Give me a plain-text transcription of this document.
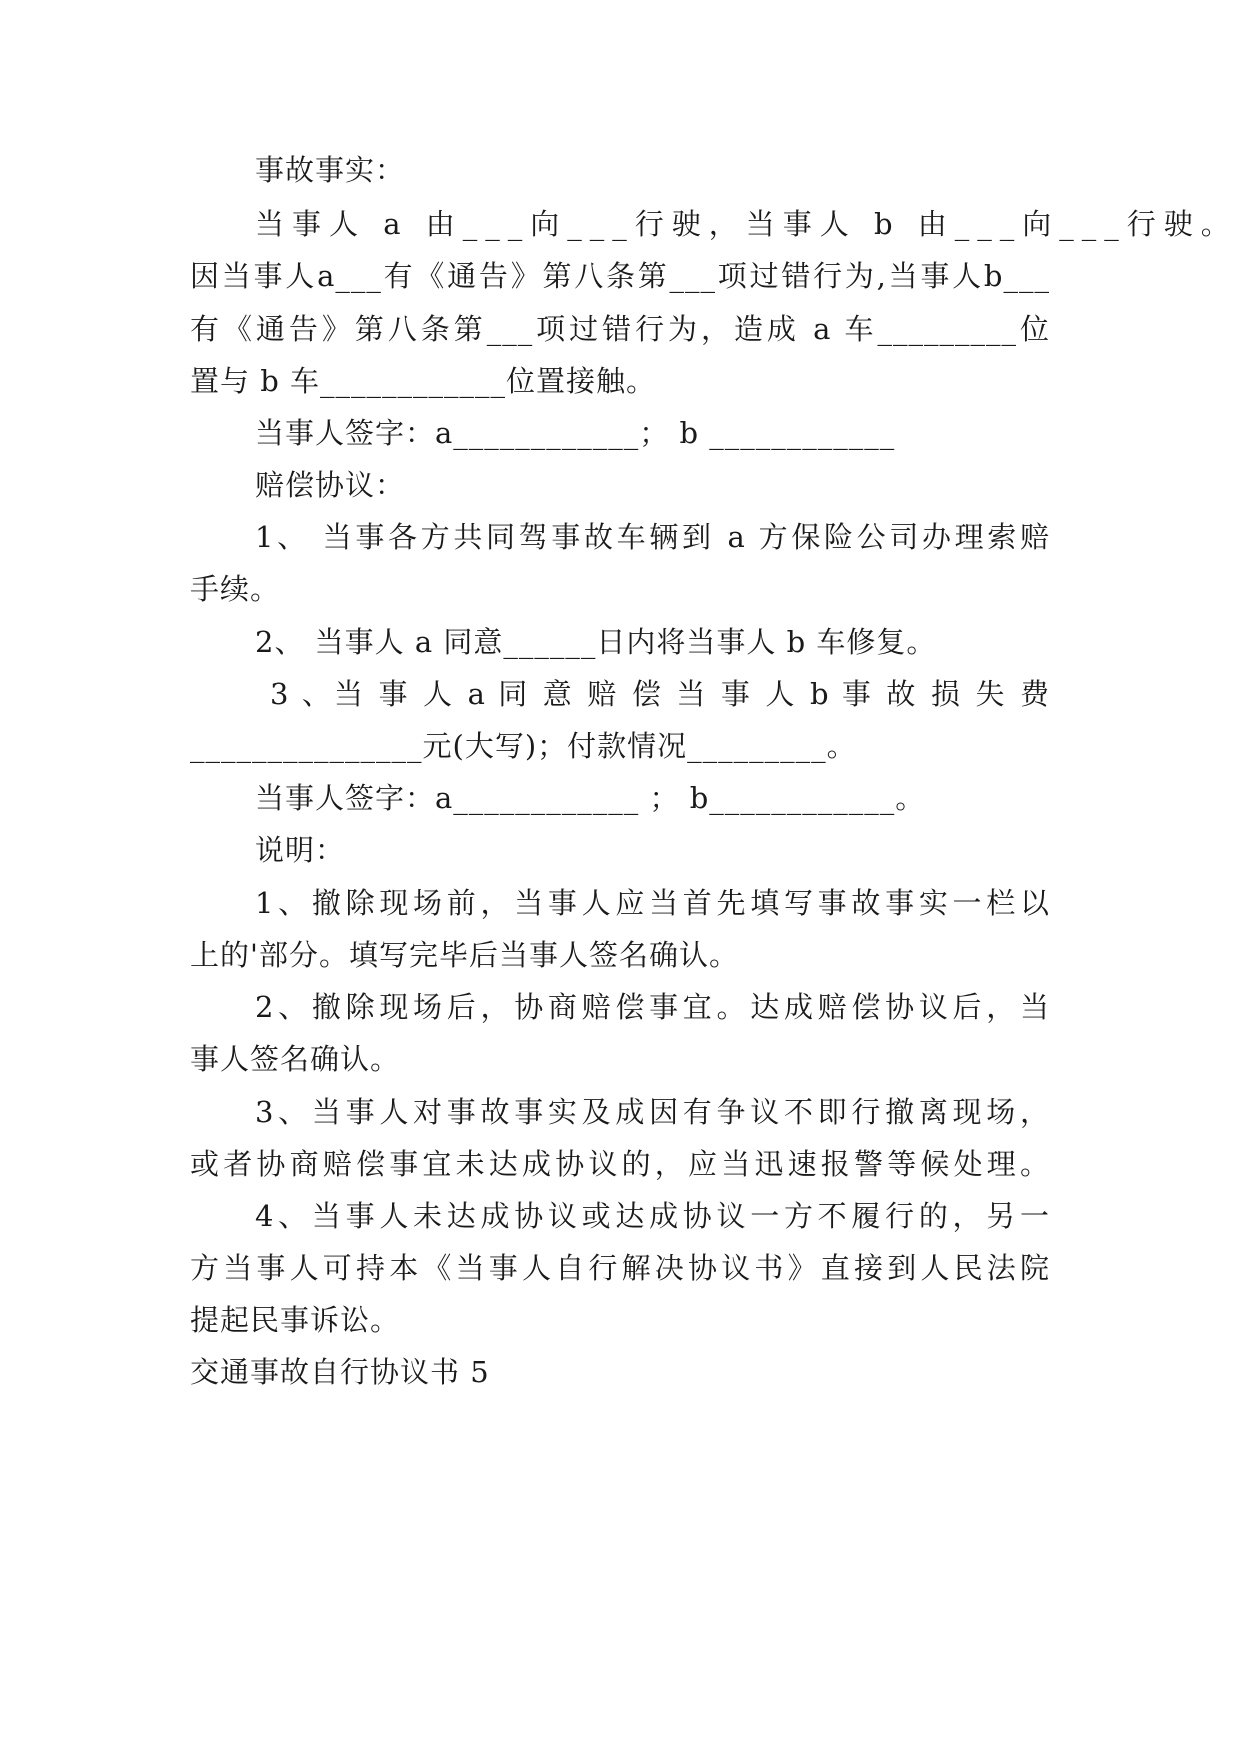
事故事实：
当事人 a 由___向___行驶，当事人 b 由___向___行驶。
因当事人a___有《通告》第八条第___项过错行为,当事人b___
有《通告》第八条第___项过错行为，造成 a 车_________位
置与 b 车____________位置接触。
当事人签字：a____________； b ____________
赔偿协议：
1、 当事各方共同驾事故车辆到 a 方保险公司办理索赔
手续。
2、 当事人 a 同意______日内将当事人 b 车修复。
3 、当 事 人 a 同 意 赔 偿 当 事 人 b 事 故 损 失 费
_______________元(大写)；付款情况_________。
当事人签字：a____________ ； b____________。
说明：
1、撤除现场前，当事人应当首先填写事故事实一栏以
上的'部分。填写完毕后当事人签名确认。
2、撤除现场后，协商赔偿事宜。达成赔偿协议后，当
事人签名确认。
3、当事人对事故事实及成因有争议不即行撤离现场，
或者协商赔偿事宜未达成协议的，应当迅速报警等候处理。
4、当事人未达成协议或达成协议一方不履行的，另一
方当事人可持本《当事人自行解决协议书》直接到人民法院
提起民事诉讼。
交通事故自行协议书 5
